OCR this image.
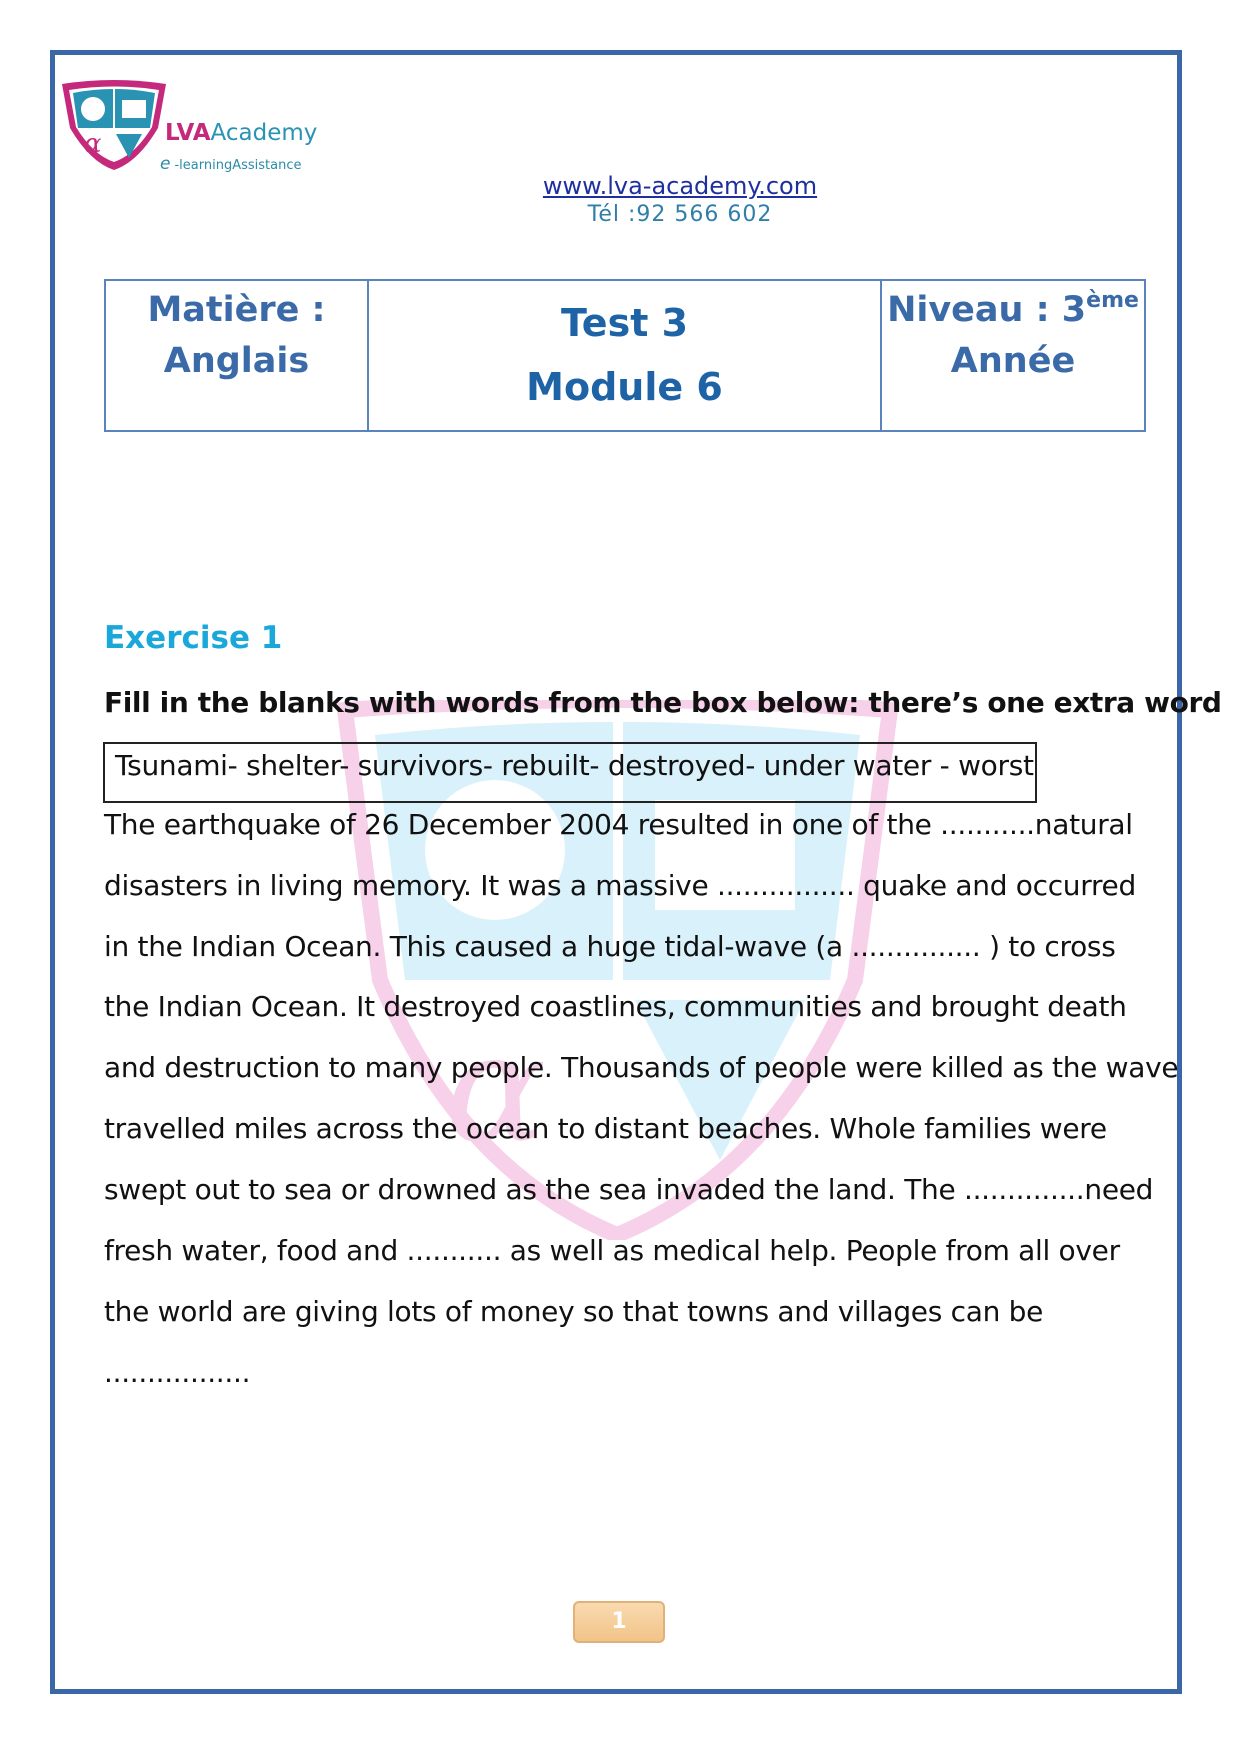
α	LVAAcademy
e -learningAssistance
www.lva-academy.com
Tél :92 566 602
Matière :
Anglais
Test 3
Module 6
Niveau : 3ème
Année
α
Exercise 1
Fill in the blanks with words from the box below: there’s one extra word
Tsunami- shelter- survivors- rebuilt- destroyed- under water - worst
The earthquake of 26 December 2004 resulted in one of the ...........natural
disasters in living memory. It was a massive ................ quake and occurred
in the Indian Ocean. This caused a huge tidal-wave (a ............... ) to cross
the Indian Ocean. It destroyed coastlines, communities and brought death
and destruction to many people. Thousands of people were killed as the wave
travelled miles across the ocean to distant beaches. Whole families were
swept out to sea or drowned as the sea invaded the land. The ..............need
fresh water, food and ........... as well as medical help. People from all over
the world are giving lots of money so that towns and villages can be
.................
1
